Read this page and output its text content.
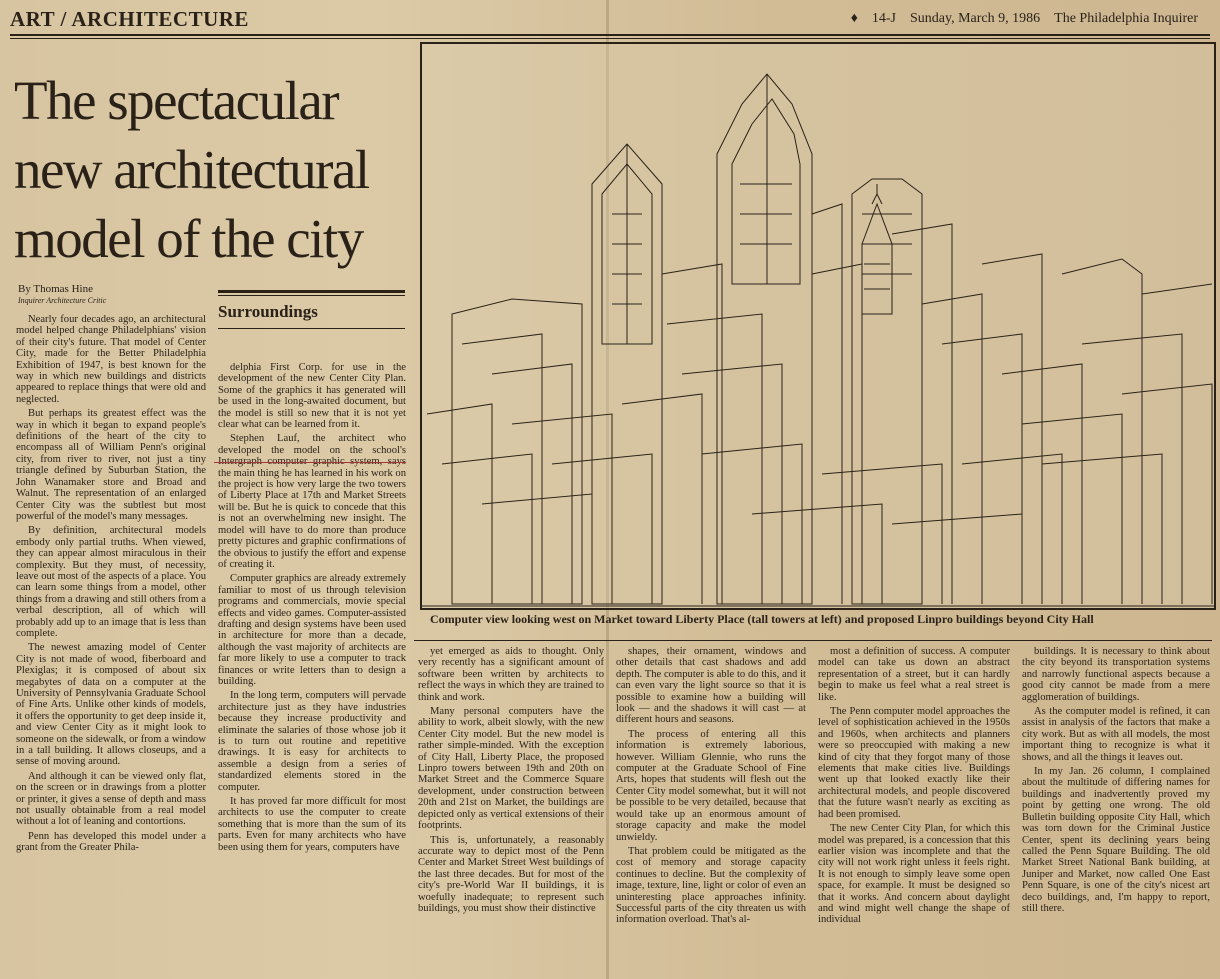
ART / ARCHITECTURE	♦ 14-J Sunday, March 9, 1986 The Philadelphia Inquirer
The spectacular
new architectural
model of the city
By Thomas Hine
Inquirer Architecture Critic
Surroundings

Nearly four decades ago, an architectural model helped change Philadelphians' vision of their city's future. That model of Center City, made for the Better Philadelphia Exhibition of 1947, is best known for the way in which new buildings and districts appeared to replace things that were old and neglected.

But perhaps its greatest effect was the way in which it began to expand people's definitions of the heart of the city to encompass all of William Penn's original city, from river to river, not just a tiny triangle defined by Suburban Station, the John Wanamaker store and Broad and Walnut. The representation of an enlarged Center City was the subtlest but most powerful of the model's many messages.

By definition, architectural models embody only partial truths. When viewed, they can appear almost miraculous in their complexity. But they must, of necessity, leave out most of the aspects of a place. You can learn some things from a model, other things from a drawing and still others from a verbal description, all of which will probably add up to an image that is less than complete.

The newest amazing model of Center City is not made of wood, fiberboard and Plexiglas; it is composed of about six megabytes of data on a computer at the University of Pennsylvania Graduate School of Fine Arts. Unlike other kinds of models, it offers the opportunity to get deep inside it, and view Center City as it might look to someone on the sidewalk, or from a window in a tall building. It allows closeups, and a sense of moving around.

And although it can be viewed only flat, on the screen or in drawings from a plotter or printer, it gives a sense of depth and mass not usually obtainable from a real model without a lot of leaning and contortions.

Penn has developed this model under a grant from the Greater Phila-

delphia First Corp. for use in the development of the new Center City Plan. Some of the graphics it has generated will be used in the long-awaited document, but the model is still so new that it is not yet clear what can be learned from it.

Stephen Lauf, the architect who developed the model on the school's Intergraph computer graphic system, says the main thing he has learned in his work on the project is how very large the two towers of Liberty Place at 17th and Market Streets will be. But he is quick to concede that this is not an overwhelming new insight. The model will have to do more than produce pretty pictures and graphic confirmations of the obvious to justify the effort and expense of creating it.

Computer graphics are already extremely familiar to most of us through television programs and commercials, movie special effects and video games. Computer-assisted drafting and design systems have been used in architecture for more than a decade, although the vast majority of architects are far more likely to use a computer to track finances or write letters than to design a building.

In the long term, computers will pervade architecture just as they have industries because they increase productivity and eliminate the salaries of those whose job it is to turn out routine and repetitive drawings. It is easy for architects to assemble a design from a series of standardized elements stored in the computer.

It has proved far more difficult for most architects to use the computer to create something that is more than the sum of its parts. Even for many architects who have been using them for years, computers have

yet emerged as aids to thought. Only very recently has a significant amount of software been written by architects to reflect the ways in which they are trained to think and work.

Many personal computers have the ability to work, albeit slowly, with the new Center City model. But the new model is rather simple-minded. With the exception of City Hall, Liberty Place, the proposed Linpro towers between 19th and 20th on Market Street and the Commerce Square development, under construction between 20th and 21st on Market, the buildings are depicted only as vertical extensions of their footprints.

This is, unfortunately, a reasonably accurate way to depict most of the Penn Center and Market Street West buildings of the last three decades. But for most of the city's pre-World War II buildings, it is woefully inadequate; to represent such buildings, you must show their distinctive

shapes, their ornament, windows and other details that cast shadows and add depth. The computer is able to do this, and it can even vary the light source so that it is possible to examine how a building will look — and the shadows it will cast — at different hours and seasons.

The process of entering all this information is extremely laborious, however. William Glennie, who runs the computer at the Graduate School of Fine Arts, hopes that students will flesh out the Center City model somewhat, but it will not be possible to be very detailed, because that would take up an enormous amount of storage capacity and make the model unwieldy.

That problem could be mitigated as the cost of memory and storage capacity continues to decline. But the complexity of image, texture, line, light or color of even an uninteresting place approaches infinity. Successful parts of the city threaten us with information overload. That's al-

most a definition of success. A computer model can take us down an abstract representation of a street, but it can hardly begin to make us feel what a real street is like.

The Penn computer model approaches the level of sophistication achieved in the 1950s and 1960s, when architects and planners were so preoccupied with making a new kind of city that they forgot many of those elements that make cities live. Buildings went up that looked exactly like their architectural models, and people discovered that the future wasn't nearly as exciting as had been promised.

The new Center City Plan, for which this model was prepared, is a concession that this earlier vision was incomplete and that the city will not work right unless it feels right. It is not enough to simply leave some open space, for example. It must be designed so that it works. And concern about daylight and wind might well change the shape of individual

buildings. It is necessary to think about the city beyond its transportation systems and narrowly functional aspects because a good city cannot be made from a mere agglomeration of buildings.

As the computer model is refined, it can assist in analysis of the factors that make a city work. But as with all models, the most important thing to recognize is what it shows, and all the things it leaves out.

In my Jan. 26 column, I complained about the multitude of differing names for buildings and inadvertently proved my point by getting one wrong. The old Bulletin building opposite City Hall, which was torn down for the Criminal Justice Center, spent its declining years being called the Penn Square Building. The old Market Street National Bank building, at Juniper and Market, now called One East Penn Square, is one of the city's nicest art deco buildings, and, I'm happy to report, still there.

Computer view looking west on Market toward Liberty Place (tall towers at left) and proposed Linpro buildings beyond City Hall
